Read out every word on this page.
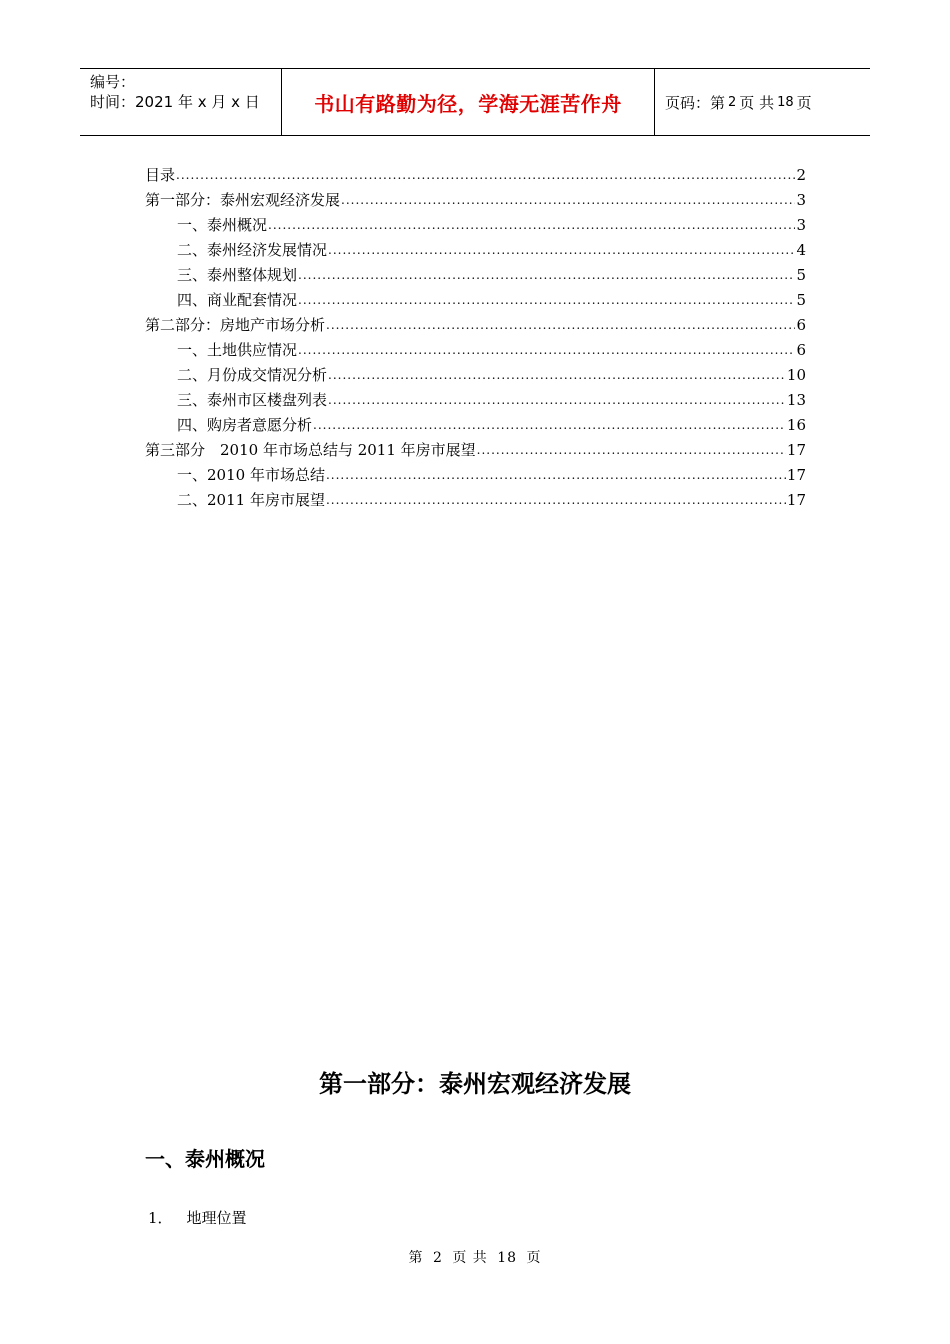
编号：
时间：2021 年 x 月 x 日	书山有路勤为径，学海无涯苦作舟	页码：第 2 页 共 18 页
目录 .....	2
第一部分：泰州宏观经济发展 .....	3
一、泰州概况 .....	3
二、泰州经济发展情况 .....	4
三、泰州整体规划 .....	5
四、商业配套情况 .....	5
第二部分：房地产市场分析 .....	6
一、土地供应情况 .....	6
二、月份成交情况分析 .....	10
三、泰州市区楼盘列表 .....	13
四、购房者意愿分析 .....	16
第三部分　2010 年市场总结与 2011 年房市展望 .....	17
一、2010 年市场总结 .....	17
二、2011 年房市展望 .....	17
第一部分：泰州宏观经济发展
一、泰州概况
1． 地理位置
第 2 页 共 18 页
